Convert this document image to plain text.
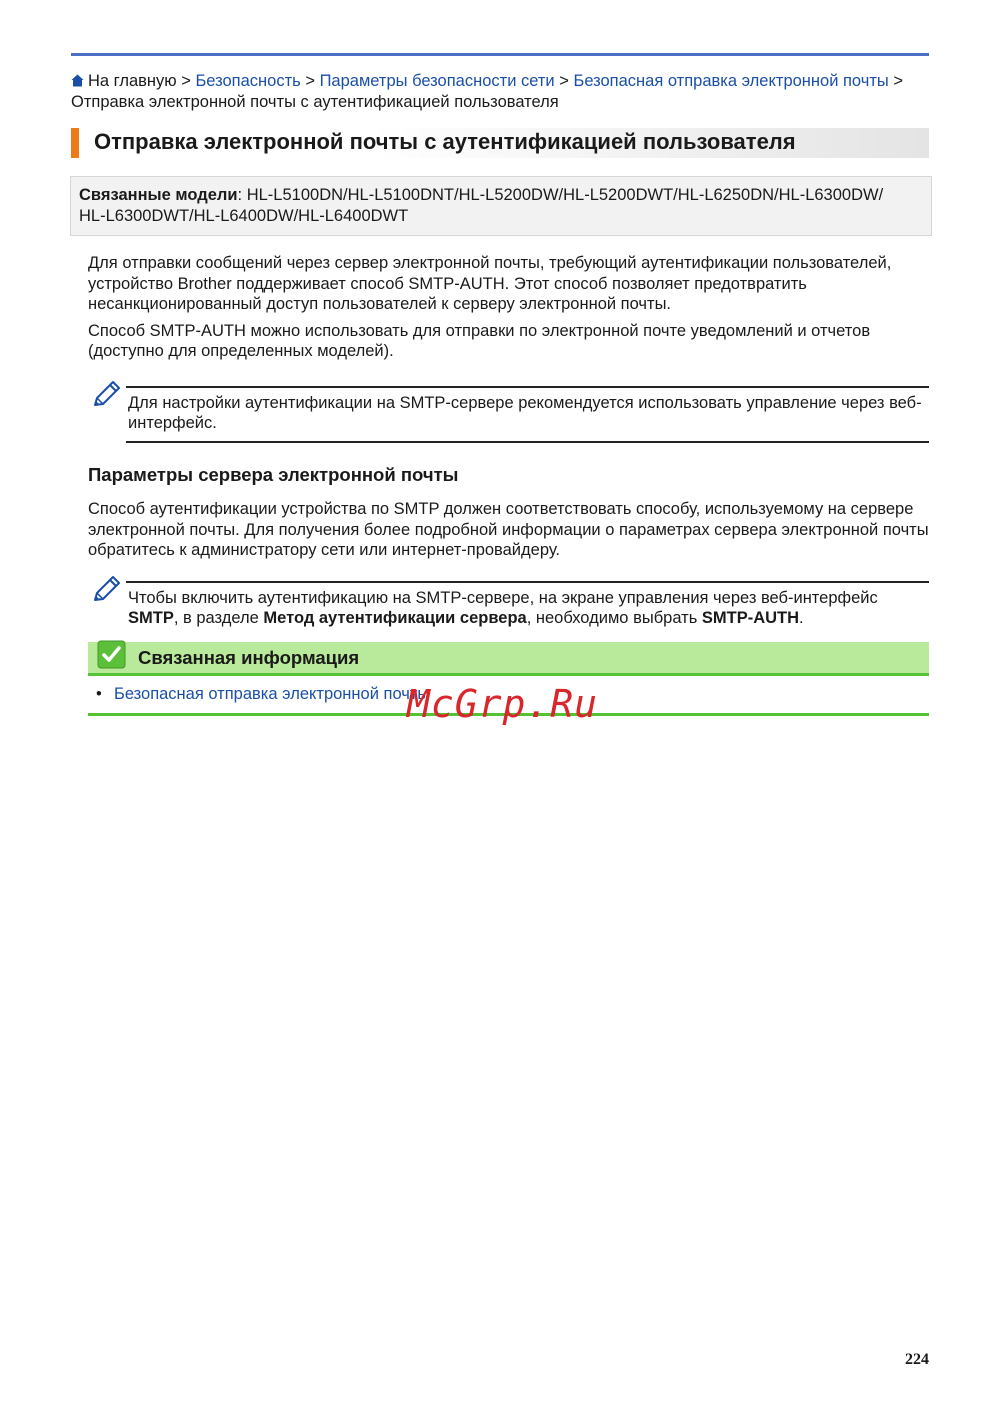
На главную > Безопасность > Параметры безопасности сети > Безопасная отправка электронной почты > Отправка электронной почты с аутентификацией пользователя
Отправка электронной почты с аутентификацией пользователя
Связанные модели: HL-L5100DN/HL-L5100DNT/HL-L5200DW/HL-L5200DWT/HL-L6250DN/HL-L6300DW/
HL-L6300DWT/HL-L6400DW/HL-L6400DWT

Для отправки сообщений через сервер электронной почты, требующий аутентификации пользователей, устройство Brother поддерживает способ SMTP-AUTH. Этот способ позволяет предотвратить несанкционированный доступ пользователей к серверу электронной почты.

Способ SMTP-AUTH можно использовать для отправки по электронной почте уведомлений и отчетов (доступно для определенных моделей).

Для настройки аутентификации на SMTP-сервере рекомендуется использовать управление через веб-интерфейс.
Параметры сервера электронной почты

Способ аутентификации устройства по SMTP должен соответствовать способу, используемому на сервере электронной почты. Для получения более подробной информации о параметрах сервера электронной почты обратитесь к администратору сети или интернет-провайдеру.

Чтобы включить аутентификацию на SMTP-сервере, на экране управления через веб-интерфейс
SMTP, в разделе Метод аутентификации сервера, необходимо выбрать SMTP-AUTH.
Связанная информация
• Безопасная отправка электронной почты
McGrp.Ru
224
